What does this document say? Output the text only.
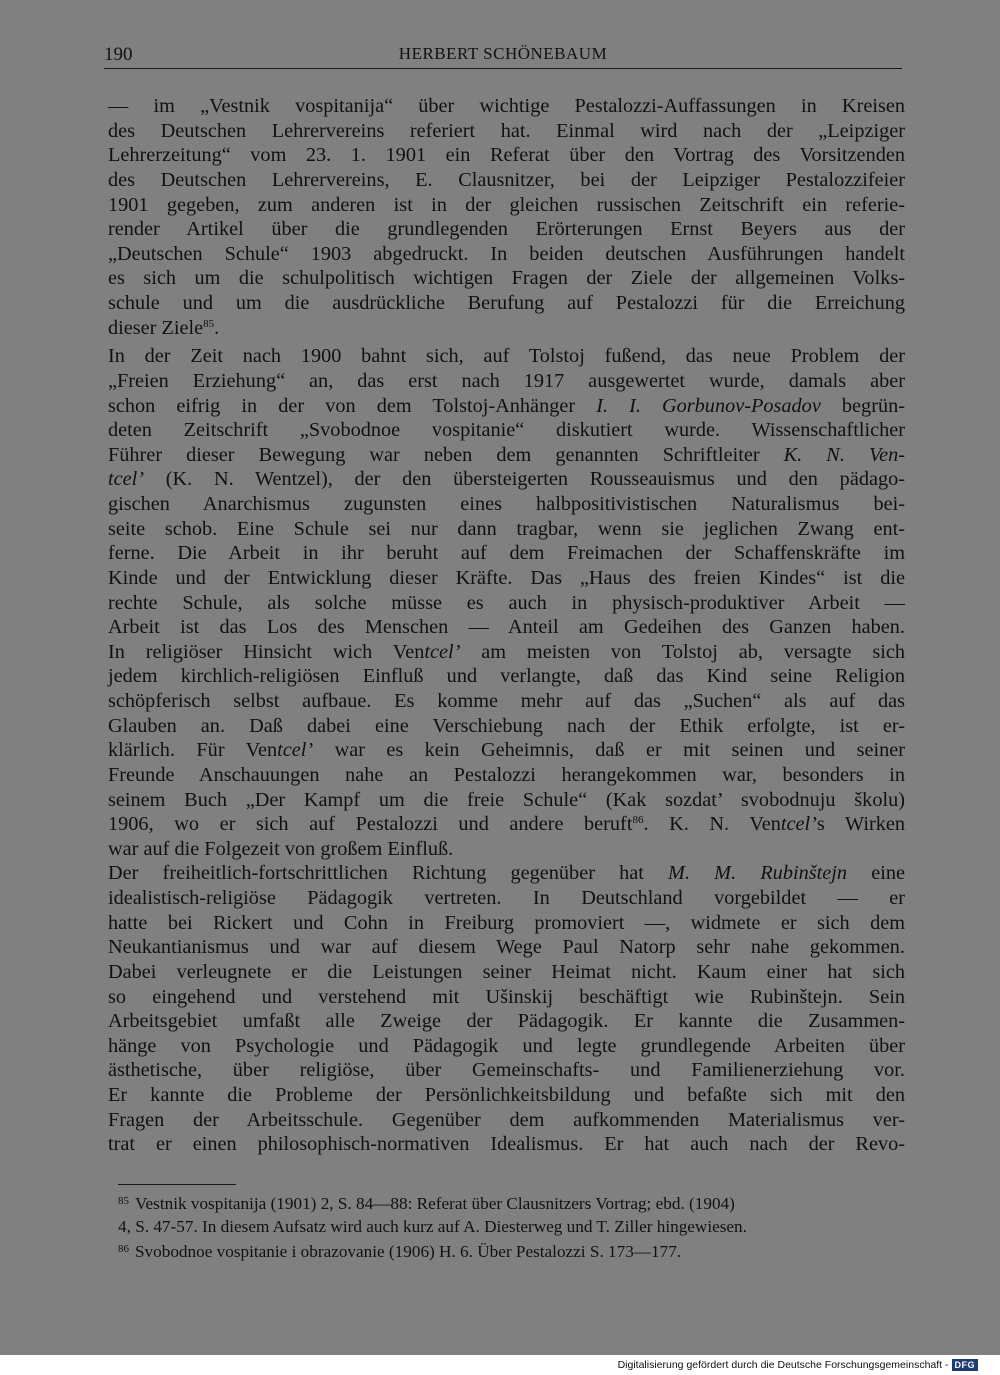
190	HERBERT SCHÖNEBAUM
— im „Vestnik vospitanija“ über wichtige Pestalozzi-Auffassungen in Kreisen
des Deutschen Lehrervereins referiert hat. Einmal wird nach der „Leipziger
Lehrerzeitung“ vom 23. 1. 1901 ein Referat über den Vortrag des Vorsitzenden
des Deutschen Lehrervereins, E. Clausnitzer, bei der Leipziger Pestalozzifeier
1901 gegeben, zum anderen ist in der gleichen russischen Zeitschrift ein referie-
render Artikel über die grundlegenden Erörterungen Ernst Beyers aus der
„Deutschen Schule“ 1903 abgedruckt. In beiden deutschen Ausführungen handelt
es sich um die schulpolitisch wichtigen Fragen der Ziele der allgemeinen Volks-
schule und um die ausdrückliche Berufung auf Pestalozzi für die Erreichung
dieser Ziele$^{85}$.
In der Zeit nach 1900 bahnt sich, auf Tolstoj fußend, das neue Problem der
„Freien Erziehung“ an, das erst nach 1917 ausgewertet wurde, damals aber
schon eifrig in der von dem Tolstoj-Anhänger I. I. Gorbunov-Posadov begrün-
deten Zeitschrift „Svobodnoe vospitanie“ diskutiert wurde. Wissenschaftlicher
Führer dieser Bewegung war neben dem genannten Schriftleiter K. N. Ven-
tcel’ (K. N. Wentzel), der den übersteigerten Rousseauismus und den pädago-
gischen Anarchismus zugunsten eines halbpositivistischen Naturalismus bei-
seite schob. Eine Schule sei nur dann tragbar, wenn sie jeglichen Zwang ent-
ferne. Die Arbeit in ihr beruht auf dem Freimachen der Schaffenskräfte im
Kinde und der Entwicklung dieser Kräfte. Das „Haus des freien Kindes“ ist die
rechte Schule, als solche müsse es auch in physisch-produktiver Arbeit —
Arbeit ist das Los des Menschen — Anteil am Gedeihen des Ganzen haben.
In religiöser Hinsicht wich Ventcel’ am meisten von Tolstoj ab, versagte sich
jedem kirchlich-religiösen Einfluß und verlangte, daß das Kind seine Religion
schöpferisch selbst aufbaue. Es komme mehr auf das „Suchen“ als auf das
Glauben an. Daß dabei eine Verschiebung nach der Ethik erfolgte, ist er-
klärlich. Für Ventcel’ war es kein Geheimnis, daß er mit seinen und seiner
Freunde Anschauungen nahe an Pestalozzi herangekommen war, besonders in
seinem Buch „Der Kampf um die freie Schule“ (Kak sozdat’ svobodnuju školu)
1906, wo er sich auf Pestalozzi und andere beruft$^{86}$. K. N. Ventcel’s Wirken
war auf die Folgezeit von großem Einfluß.
Der freiheitlich-fortschrittlichen Richtung gegenüber hat M. M. Rubinštejn eine
idealistisch-religiöse Pädagogik vertreten. In Deutschland vorgebildet — er
hatte bei Rickert und Cohn in Freiburg promoviert —, widmete er sich dem
Neukantianismus und war auf diesem Wege Paul Natorp sehr nahe gekommen.
Dabei verleugnete er die Leistungen seiner Heimat nicht. Kaum einer hat sich
so eingehend und verstehend mit Ušinskij beschäftigt wie Rubinštejn. Sein
Arbeitsgebiet umfaßt alle Zweige der Pädagogik. Er kannte die Zusammen-
hänge von Psychologie und Pädagogik und legte grundlegende Arbeiten über
ästhetische, über religiöse, über Gemeinschafts- und Familienerziehung vor.
Er kannte die Probleme der Persönlichkeitsbildung und befaßte sich mit den
Fragen der Arbeitsschule. Gegenüber dem aufkommenden Materialismus ver-
trat er einen philosophisch-normativen Idealismus. Er hat auch nach der Revo-
$^{85}$ Vestnik vospitanija (1901) 2, S. 84—88: Referat über Clausnitzers Vortrag; ebd. (1904)
4, S. 47-57. In diesem Aufsatz wird auch kurz auf A. Diesterweg und T. Ziller hingewiesen.
$^{86}$ Svobodnoe vospitanie i obrazovanie (1906) H. 6. Über Pestalozzi S. 173—177.
Digitalisierung gefördert durch die Deutsche Forschungsgemeinschaft - DFG
